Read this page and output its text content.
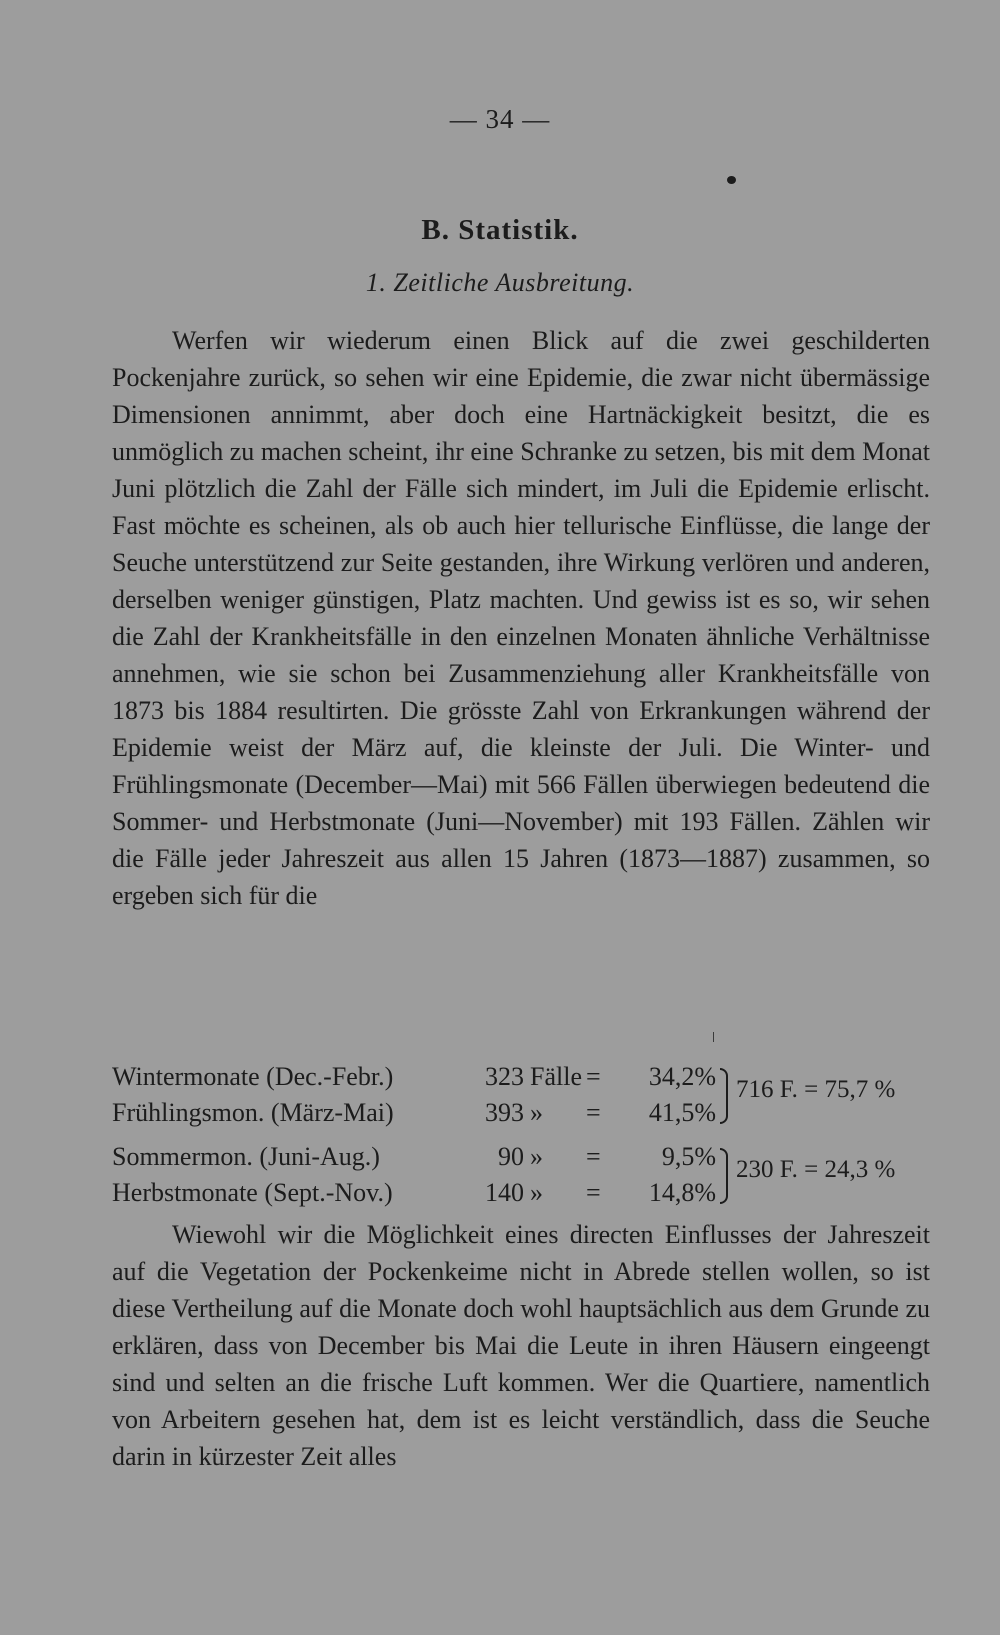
— 34 —
B. Statistik.
1. Zeitliche Ausbreitung.

Werfen wir wiederum einen Blick auf die zwei geschilderten Pockenjahre zurück, so sehen wir eine Epidemie, die zwar nicht übermässige Dimensionen annimmt, aber doch eine Hartnäckigkeit besitzt, die es unmöglich zu machen scheint, ihr eine Schranke zu setzen, bis mit dem Monat Juni plötzlich die Zahl der Fälle sich mindert, im Juli die Epidemie erlischt. Fast möchte es scheinen, als ob auch hier tellurische Einflüsse, die lange der Seuche unterstützend zur Seite gestanden, ihre Wirkung verlören und anderen, derselben weniger günstigen, Platz machten. Und gewiss ist es so, wir sehen die Zahl der Krankheitsfälle in den einzelnen Monaten ähnliche Verhältnisse annehmen, wie sie schon bei Zusammenziehung aller Krankheitsfälle von 1873 bis 1884 resultirten. Die grösste Zahl von Erkrankungen während der Epidemie weist der März auf, die kleinste der Juli. Die Winter- und Frühlingsmonate (December—Mai) mit 566 Fällen überwiegen bedeutend die Sommer- und Herbstmonate (Juni—November) mit 193 Fällen. Zählen wir die Fälle jeder Jahreszeit aus allen 15 Jahren (1873—1887) zusammen, so ergeben sich für die

Wintermonate (Dec.-Febr.)	323 Fälle =	34,2%
Frühlingsmon. (März-Mai)	393 » =	41,5%
Sommermon. (Juni-Aug.)	90 » =	9,5%
Herbstmonate (Sept.-Nov.)	140 » =	14,8%
716 F. = 75,7 %
230 F. = 24,3 %

Wiewohl wir die Möglichkeit eines directen Einflusses der Jahreszeit auf die Vegetation der Pockenkeime nicht in Abrede stellen wollen, so ist diese Vertheilung auf die Monate doch wohl hauptsächlich aus dem Grunde zu erklären, dass von December bis Mai die Leute in ihren Häusern eingeengt sind und selten an die frische Luft kommen. Wer die Quartiere, namentlich von Arbeitern gesehen hat, dem ist es leicht verständlich, dass die Seuche darin in kürzester Zeit alles
